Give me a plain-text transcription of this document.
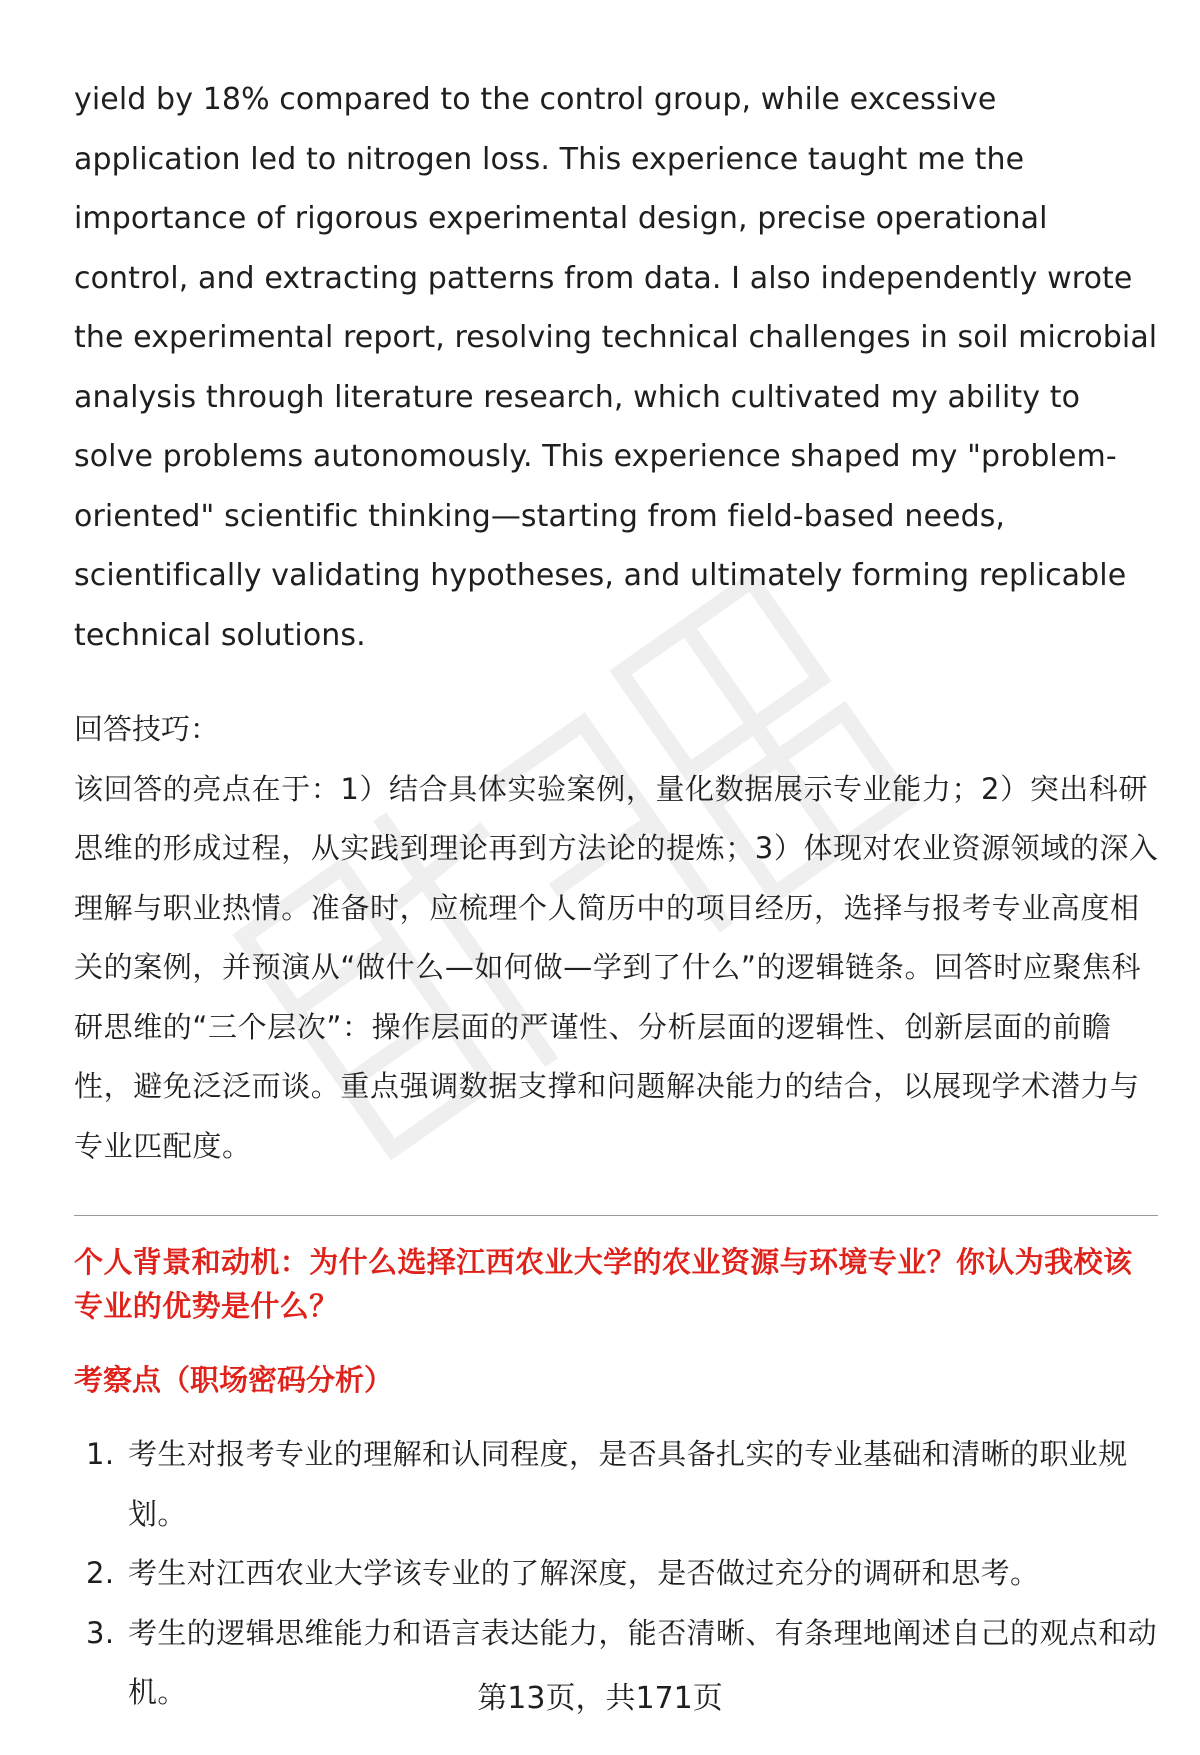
yield by 18% compared to the control group, while excessive application led to nitrogen loss. This experience taught me the importance of rigorous experimental design, precise operational control, and extracting patterns from data. I also independently wrote the experimental report, resolving technical challenges in soil microbial analysis through literature research, which cultivated my ability to solve problems autonomously. This experience shaped my "problem-oriented" scientific thinking—starting from field-based needs, scientifically validating hypotheses, and ultimately forming replicable technical solutions.

回答技巧：

该回答的亮点在于：1）结合具体实验案例，量化数据展示专业能力；2）突出科研思维的形成过程，从实践到理论再到方法论的提炼；3）体现对农业资源领域的深入理解与职业热情。准备时，应梳理个人简历中的项目经历，选择与报考专业高度相关的案例，并预演从“做什么—如何做—学到了什么”的逻辑链条。回答时应聚焦科研思维的“三个层次”：操作层面的严谨性、分析层面的逻辑性、创新层面的前瞻性，避免泛泛而谈。重点强调数据支撑和问题解决能力的结合，以展现学术潜力与专业匹配度。

个人背景和动机：为什么选择江西农业大学的农业资源与环境专业？你认为我校该专业的优势是什么？

考察点（职场密码分析）

1. 考生对报考专业的理解和认同程度，是否具备扎实的专业基础和清晰的职业规划。
2. 考生对江西农业大学该专业的了解深度，是否做过充分的调研和思考。
3. 考生的逻辑思维能力和语言表达能力，能否清晰、有条理地阐述自己的观点和动机。	第13页，共171页
